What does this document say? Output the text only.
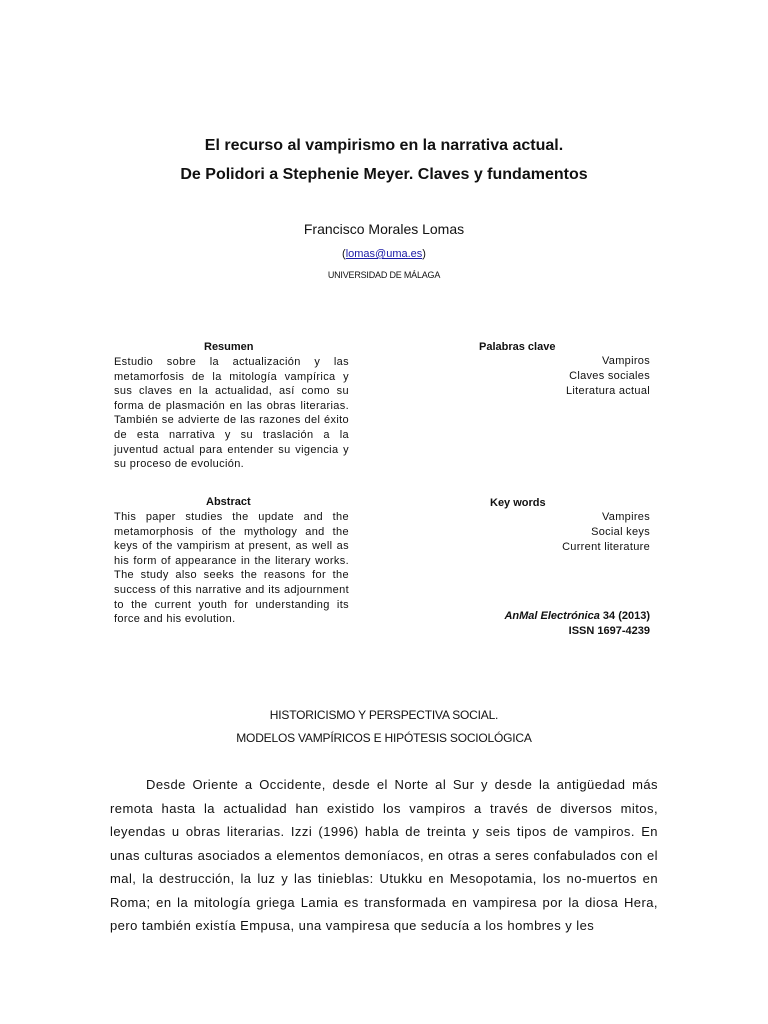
El recurso al vampirismo en la narrativa actual.
De Polidori a Stephenie Meyer. Claves y fundamentos
Francisco Morales Lomas
(lomas@uma.es)
UNIVERSIDAD DE MÁLAGA
Resumen
Estudio sobre la actualización y las metamorfosis de la mitología vampírica y sus claves en la actualidad, así como su forma de plasmación en las obras literarias. También se advierte de las razones del éxito de esta narrativa y su traslación a la juventud actual para entender su vigencia y su proceso de evolución.
Palabras clave
Vampiros
Claves sociales
Literatura actual
Abstract
This paper studies the update and the metamorphosis of the mythology and the keys of the vampirism at present, as well as his form of appearance in the literary works. The study also seeks the reasons for the success of this narrative and its adjournment to the current youth for understanding its force and his evolution.
Key words
Vampires
Social keys
Current literature
AnMal Electrónica 34 (2013)
ISSN 1697-4239
HISTORICISMO Y PERSPECTIVA SOCIAL.
MODELOS VAMPÍRICOS E HIPÓTESIS SOCIOLÓGICA

Desde Oriente a Occidente, desde el Norte al Sur y desde la antigüedad más remota hasta la actualidad han existido los vampiros a través de diversos mitos, leyendas u obras literarias. Izzi (1996) habla de treinta y seis tipos de vampiros. En unas culturas asociados a elementos demoníacos, en otras a seres confabulados con el mal, la destrucción, la luz y las tinieblas: Utukku en Mesopotamia, los no-muertos en Roma; en la mitología griega Lamia es transformada en vampiresa por la diosa Hera, pero también existía Empusa, una vampiresa que seducía a los hombres y les
